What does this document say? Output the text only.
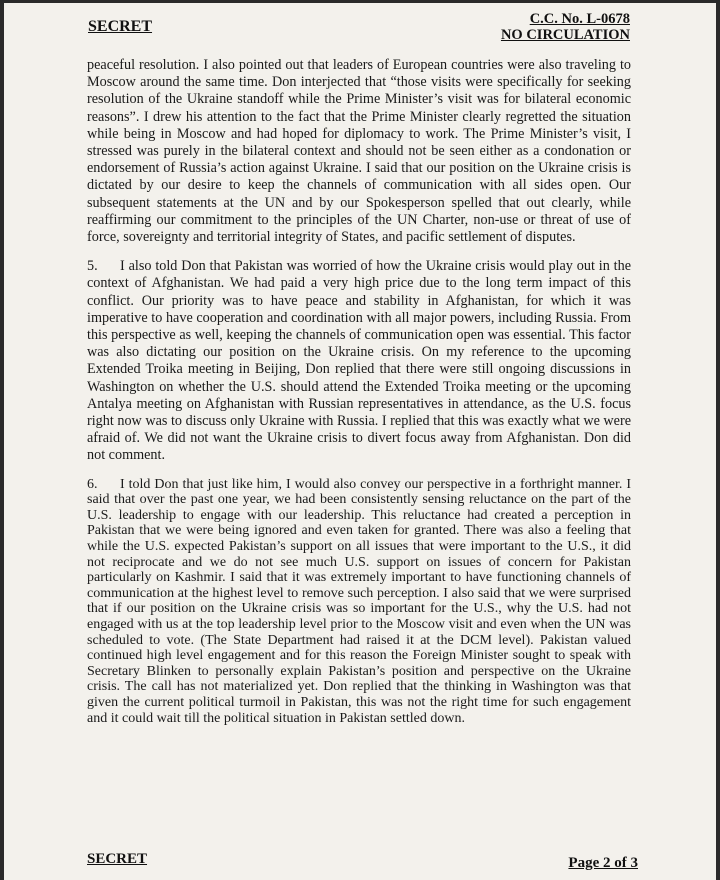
SECRET	C.C. No. L-0678
NO CIRCULATION

peaceful resolution. I also pointed out that leaders of European countries were also traveling to Moscow around the same time. Don interjected that “those visits were specifically for seeking resolution of the Ukraine standoff while the Prime Minister’s visit was for bilateral economic reasons”. I drew his attention to the fact that the Prime Minister clearly regretted the situation while being in Moscow and had hoped for diplomacy to work. The Prime Minister’s visit, I stressed was purely in the bilateral context and should not be seen either as a condonation or endorsement of Russia’s action against Ukraine. I said that our position on the Ukraine crisis is dictated by our desire to keep the channels of communication with all sides open. Our subsequent statements at the UN and by our Spokesperson spelled that out clearly, while reaffirming our commitment to the principles of the UN Charter, non-use or threat of use of force, sovereignty and territorial integrity of States, and pacific settlement of disputes.

5. I also told Don that Pakistan was worried of how the Ukraine crisis would play out in the context of Afghanistan. We had paid a very high price due to the long term impact of this conflict. Our priority was to have peace and stability in Afghanistan, for which it was imperative to have cooperation and coordination with all major powers, including Russia. From this perspective as well, keeping the channels of communication open was essential. This factor was also dictating our position on the Ukraine crisis. On my reference to the upcoming Extended Troika meeting in Beijing, Don replied that there were still ongoing discussions in Washington on whether the U.S. should attend the Extended Troika meeting or the upcoming Antalya meeting on Afghanistan with Russian representatives in attendance, as the U.S. focus right now was to discuss only Ukraine with Russia. I replied that this was exactly what we were afraid of. We did not want the Ukraine crisis to divert focus away from Afghanistan. Don did not comment.

6. I told Don that just like him, I would also convey our perspective in a forthright manner. I said that over the past one year, we had been consistently sensing reluctance on the part of the U.S. leadership to engage with our leadership. This reluctance had created a perception in Pakistan that we were being ignored and even taken for granted. There was also a feeling that while the U.S. expected Pakistan’s support on all issues that were important to the U.S., it did not reciprocate and we do not see much U.S. support on issues of concern for Pakistan particularly on Kashmir. I said that it was extremely important to have functioning channels of communication at the highest level to remove such perception. I also said that we were surprised that if our position on the Ukraine crisis was so important for the U.S., why the U.S. had not engaged with us at the top leadership level prior to the Moscow visit and even when the UN was scheduled to vote. (The State Department had raised it at the DCM level). Pakistan valued continued high level engagement and for this reason the Foreign Minister sought to speak with Secretary Blinken to personally explain Pakistan’s position and perspective on the Ukraine crisis. The call has not materialized yet. Don replied that the thinking in Washington was that given the current political turmoil in Pakistan, this was not the right time for such engagement and it could wait till the political situation in Pakistan settled down.

SECRET	Page 2 of 3
